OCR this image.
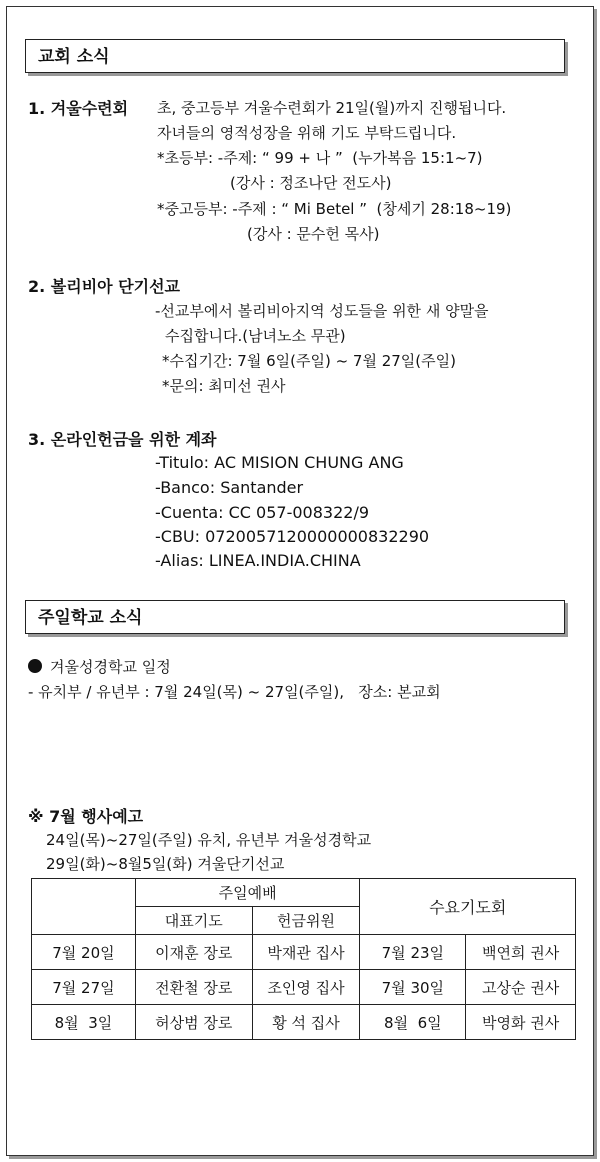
교회 소식
1. 겨울수련회 초, 중고등부 겨울수련회가 21일(월)까지 진행됩니다.
자녀들의 영적성장을 위해 기도 부탁드립니다.
*초등부: -주제: “ 99 + 나 ”  (누가복음 15:1~7)
(강사 : 정조나단 전도사)
*중고등부: -주제 : “ Mi Betel ”  (창세기 28:18~19)
(강사 : 문수헌 목사)
2. 볼리비아 단기선교
-선교부에서 볼리비아지역 성도들을 위한 새 양말을
수집합니다.(남녀노소 무관)
*수집기간: 7월 6일(주일) ~ 7월 27일(주일)
*문의: 최미선 권사
3. 온라인헌금을 위한 계좌
-Titulo: AC MISION CHUNG ANG
-Banco: Santander
-Cuenta: CC 057-008322/9
-CBU: 0720057120000000832290
-Alias: LINEA.INDIA.CHINA
주일학교 소식
겨울성경학교 일정
- 유치부 / 유년부 : 7월 24일(목) ~ 27일(주일),   장소: 본교회
※ 7월 행사예고
24일(목)~27일(주일) 유치, 유년부 겨울성경학교
29일(화)~8월5일(화) 겨울단기선교
	주일예배		수요기도회	
	대표기도	헌금위원		
7월 20일	이재훈 장로	박재관 집사	7월 23일	백연희 권사
7월 27일	전환철 장로	조인영 집사	7월 30일	고상순 권사
8월  3일	허상범 장로	황 석 집사	8월  6일	박영화 권사
